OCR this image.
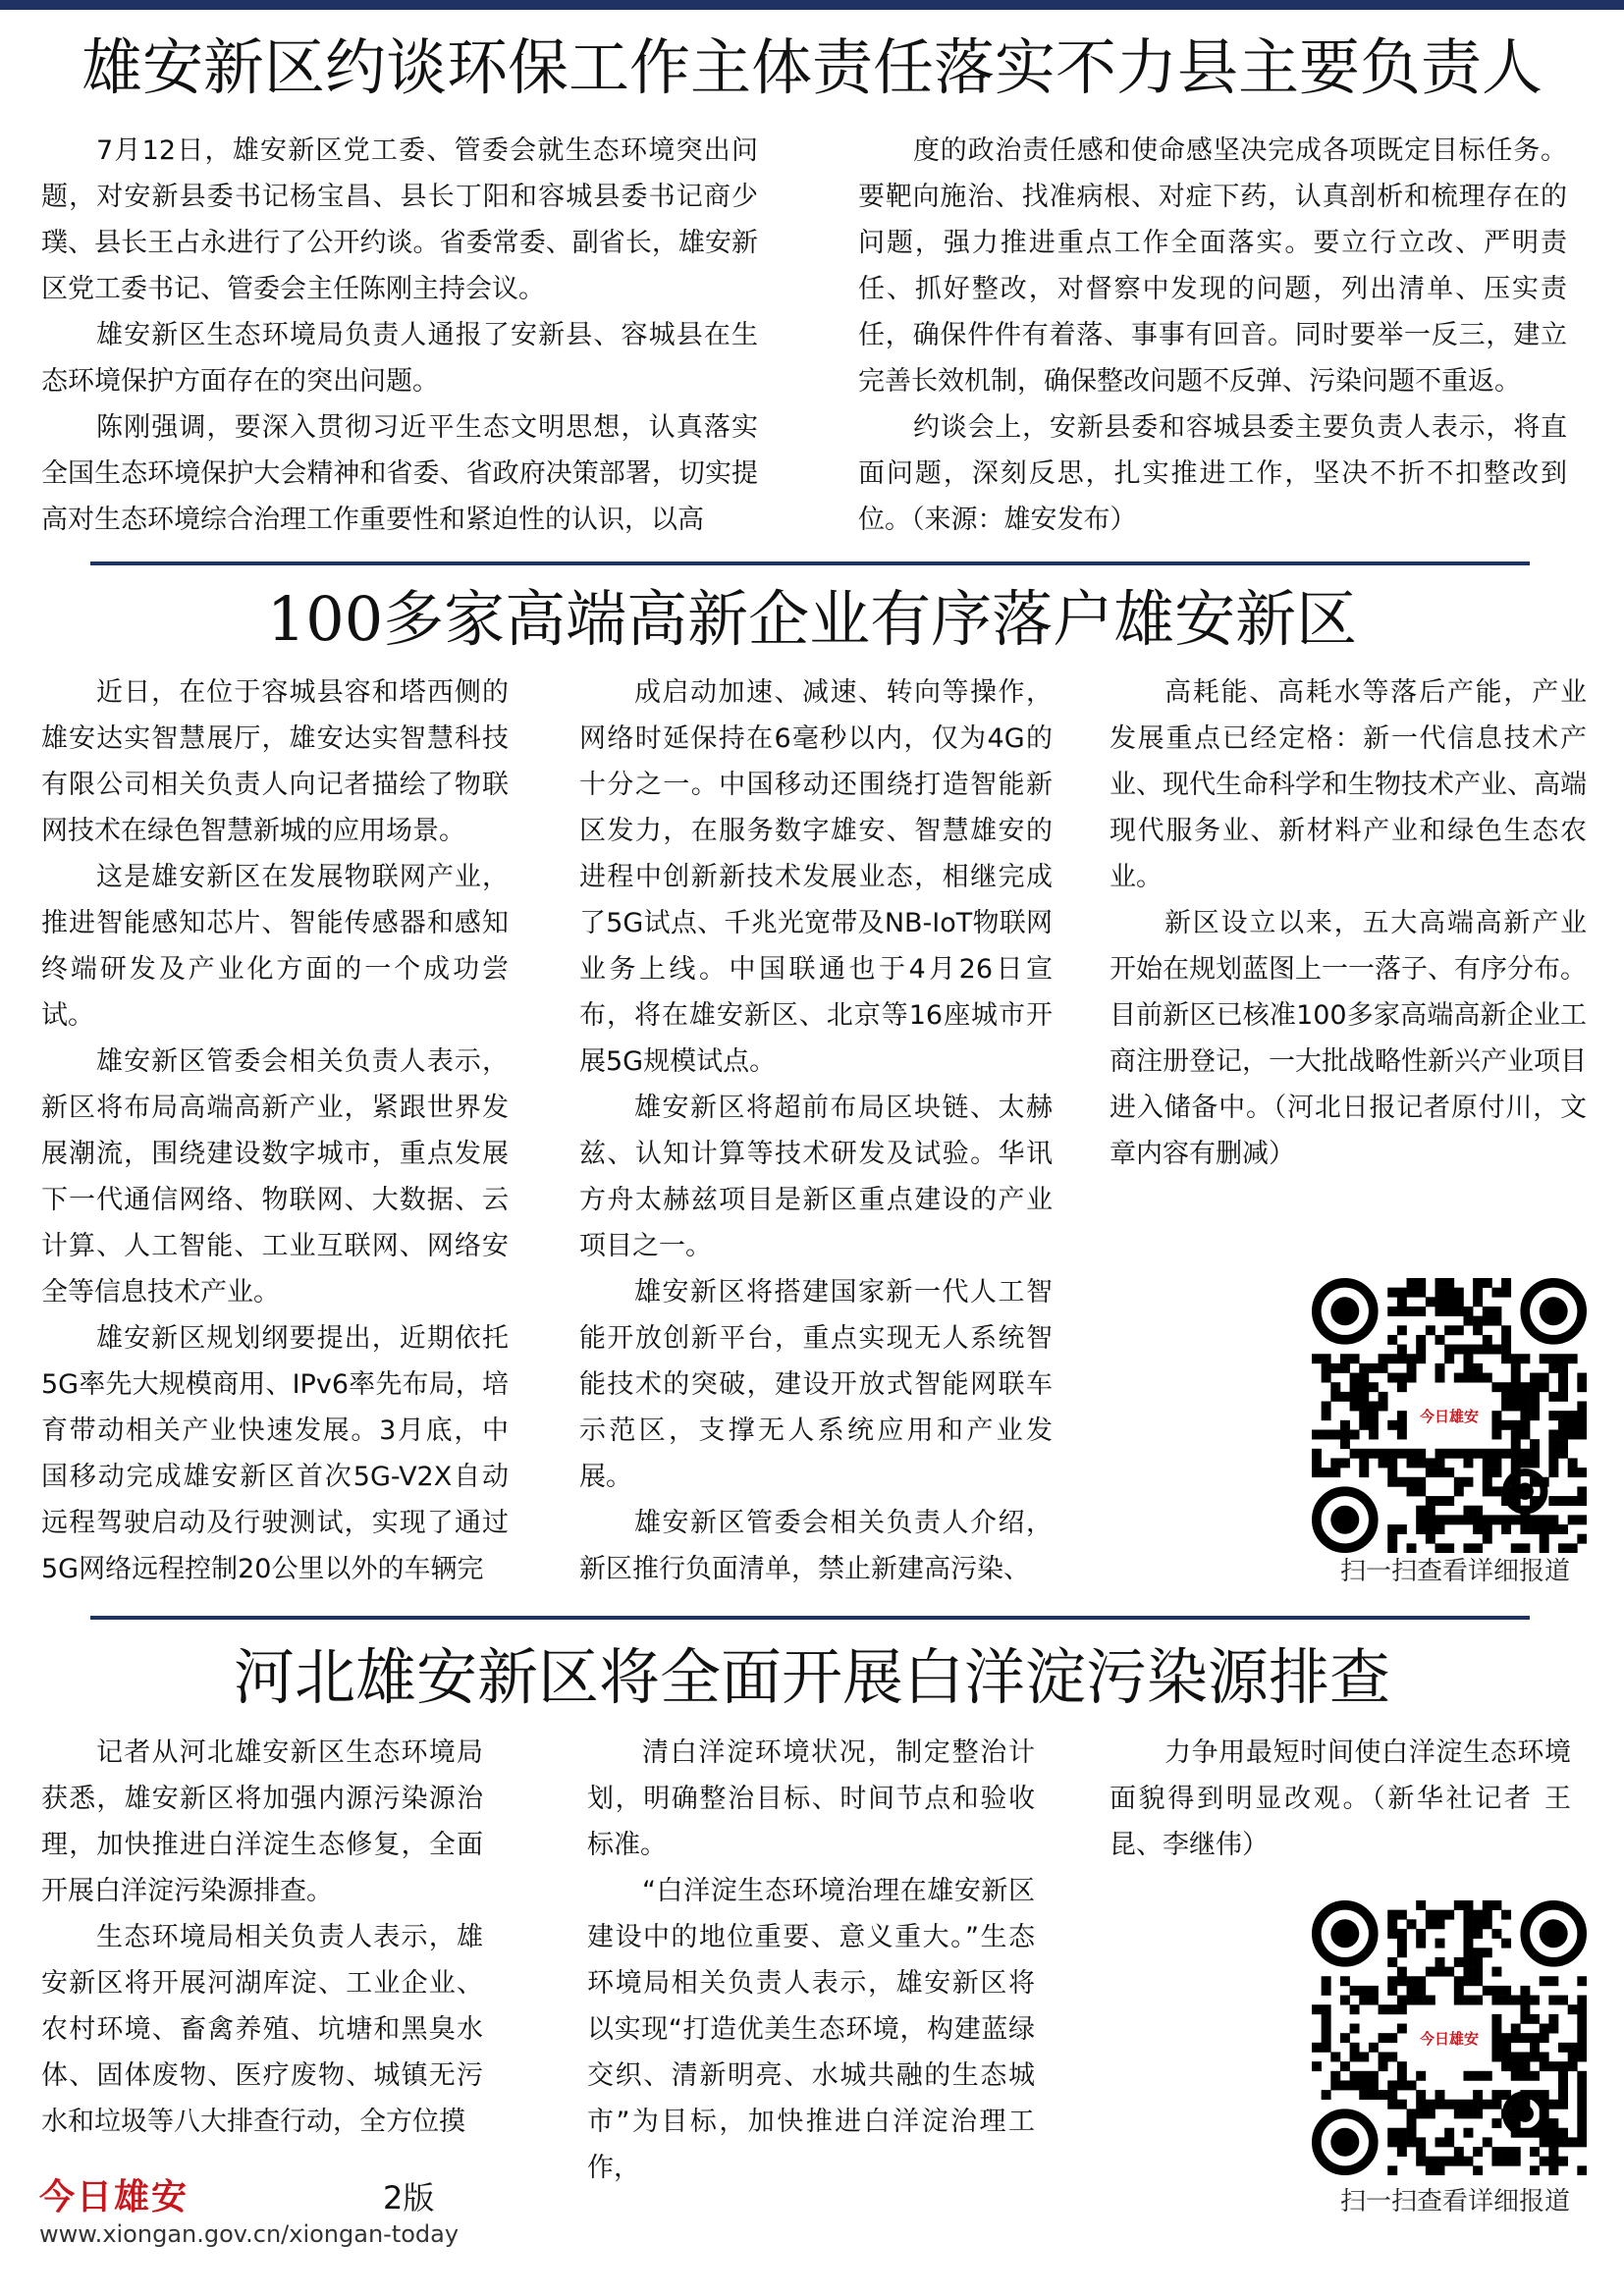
雄安新区约谈环保工作主体责任落实不力县主要负责人

7月12日，雄安新区党工委、管委会就生态环境突出问题，对安新县委书记杨宝昌、县长丁阳和容城县委书记商少璞、县长王占永进行了公开约谈。省委常委、副省长，雄安新区党工委书记、管委会主任陈刚主持会议。

雄安新区生态环境局负责人通报了安新县、容城县在生态环境保护方面存在的突出问题。

陈刚强调，要深入贯彻习近平生态文明思想，认真落实全国生态环境保护大会精神和省委、省政府决策部署，切实提高对生态环境综合治理工作重要性和紧迫性的认识，以高

度的政治责任感和使命感坚决完成各项既定目标任务。要靶向施治、找准病根、对症下药，认真剖析和梳理存在的问题，强力推进重点工作全面落实。要立行立改、严明责任、抓好整改，对督察中发现的问题，列出清单、压实责任，确保件件有着落、事事有回音。同时要举一反三，建立完善长效机制，确保整改问题不反弹、污染问题不重返。

约谈会上，安新县委和容城县委主要负责人表示，将直面问题，深刻反思，扎实推进工作，坚决不折不扣整改到位。（来源：雄安发布）

100多家高端高新企业有序落户雄安新区

近日，在位于容城县容和塔西侧的雄安达实智慧展厅，雄安达实智慧科技有限公司相关负责人向记者描绘了物联网技术在绿色智慧新城的应用场景。

这是雄安新区在发展物联网产业，推进智能感知芯片、智能传感器和感知终端研发及产业化方面的一个成功尝试。

雄安新区管委会相关负责人表示，新区将布局高端高新产业，紧跟世界发展潮流，围绕建设数字城市，重点发展下一代通信网络、物联网、大数据、云计算、人工智能、工业互联网、网络安全等信息技术产业。

雄安新区规划纲要提出，近期依托5G率先大规模商用、IPv6率先布局，培育带动相关产业快速发展。3月底，中国移动完成雄安新区首次5G-V2X自动远程驾驶启动及行驶测试，实现了通过5G网络远程控制20公里以外的车辆完

成启动加速、减速、转向等操作，网络时延保持在6毫秒以内，仅为4G的十分之一。中国移动还围绕打造智能新区发力，在服务数字雄安、智慧雄安的进程中创新新技术发展业态，相继完成了5G试点、千兆光宽带及NB-IoT物联网业务上线。中国联通也于4月26日宣布，将在雄安新区、北京等16座城市开展5G规模试点。

雄安新区将超前布局区块链、太赫兹、认知计算等技术研发及试验。华讯方舟太赫兹项目是新区重点建设的产业项目之一。

雄安新区将搭建国家新一代人工智能开放创新平台，重点实现无人系统智能技术的突破，建设开放式智能网联车示范区，支撑无人系统应用和产业发展。

雄安新区管委会相关负责人介绍，新区推行负面清单，禁止新建高污染、

高耗能、高耗水等落后产能，产业发展重点已经定格：新一代信息技术产业、现代生命科学和生物技术产业、高端现代服务业、新材料产业和绿色生态农业。

新区设立以来，五大高端高新产业开始在规划蓝图上一一落子、有序分布。目前新区已核准100多家高端高新企业工商注册登记，一大批战略性新兴产业项目进入储备中。（河北日报记者原付川，文章内容有删减）

今日雄安
扫一扫查看详细报道
河北雄安新区将全面开展白洋淀污染源排查

记者从河北雄安新区生态环境局获悉，雄安新区将加强内源污染源治理，加快推进白洋淀生态修复，全面开展白洋淀污染源排查。

生态环境局相关负责人表示，雄安新区将开展河湖库淀、工业企业、农村环境、畜禽养殖、坑塘和黑臭水体、固体废物、医疗废物、城镇无污水和垃圾等八大排查行动，全方位摸

清白洋淀环境状况，制定整治计划，明确整治目标、时间节点和验收标准。

“白洋淀生态环境治理在雄安新区建设中的地位重要、意义重大。”生态环境局相关负责人表示，雄安新区将以实现“打造优美生态环境，构建蓝绿交织、清新明亮、水城共融的生态城市”为目标，加快推进白洋淀治理工作，

力争用最短时间使白洋淀生态环境面貌得到明显改观。（新华社记者 王昆、李继伟）

今日雄安
扫一扫查看详细报道
今日雄安	2版
www.xiongan.gov.cn/xiongan-today
